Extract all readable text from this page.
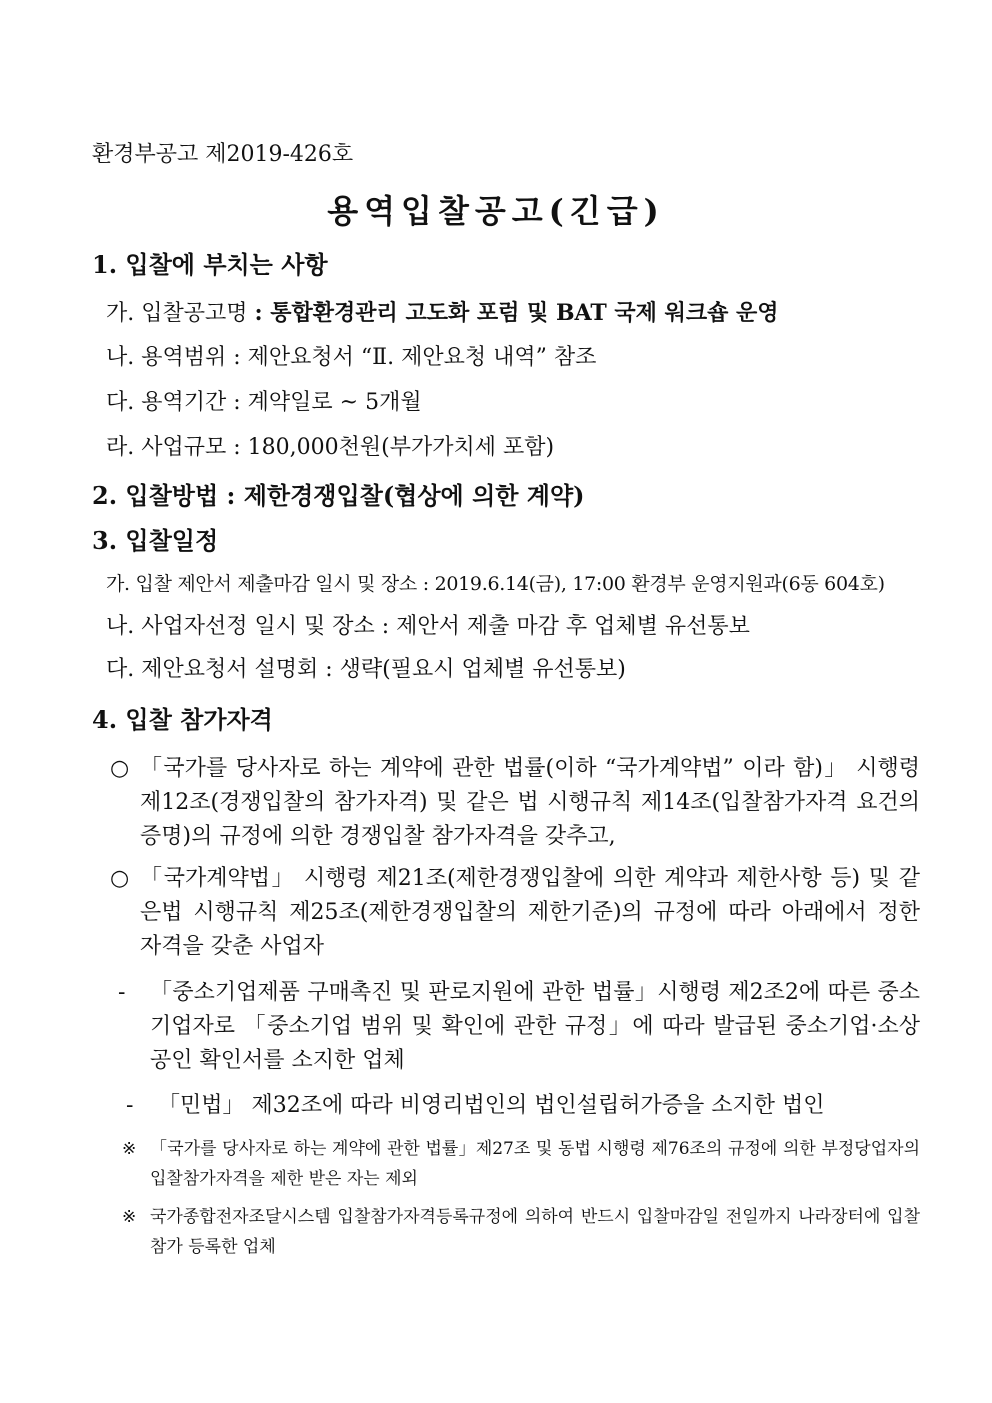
환경부공고 제2019-426호
용역입찰공고(긴급)
1. 입찰에 부치는 사항
가. 입찰공고명 : 통합환경관리 고도화 포럼 및 BAT 국제 워크숍 운영
나. 용역범위 : 제안요청서 “Ⅱ. 제안요청 내역” 참조
다. 용역기간 : 계약일로 ~ 5개월
라. 사업규모 : 180,000천원(부가가치세 포함)
2. 입찰방법 : 제한경쟁입찰(협상에 의한 계약)
3. 입찰일정
가. 입찰 제안서 제출마감 일시 및 장소 : 2019.6.14(금), 17:00 환경부 운영지원과(6동 604호)
나. 사업자선정 일시 및 장소 : 제안서 제출 마감 후 업체별 유선통보
다. 제안요청서 설명회 : 생략(필요시 업체별 유선통보)
4. 입찰 참가자격
○ 「국가를 당사자로 하는 계약에 관한 법률(이하 “국가계약법” 이라 함)」 시행령 제12조(경쟁입찰의 참가자격) 및 같은 법 시행규칙 제14조(입찰참가자격 요건의 증명)의 규정에 의한 경쟁입찰 참가자격을 갖추고,
○ 「국가계약법」 시행령 제21조(제한경쟁입찰에 의한 계약과 제한사항 등) 및 같은법 시행규칙 제25조(제한경쟁입찰의 제한기준)의 규정에 따라 아래에서 정한 자격을 갖춘 사업자
- 「중소기업제품 구매촉진 및 판로지원에 관한 법률」시행령 제2조2에 따른 중소기업자로 「중소기업 범위 및 확인에 관한 규정」에 따라 발급된 중소기업·소상공인 확인서를 소지한 업체
- 「민법」 제32조에 따라 비영리법인의 법인설립허가증을 소지한 법인
※ 「국가를 당사자로 하는 계약에 관한 법률」제27조 및 동법 시행령 제76조의 규정에 의한 부정당업자의 입찰참가자격을 제한 받은 자는 제외
※ 국가종합전자조달시스템 입찰참가자격등록규정에 의하여 반드시 입찰마감일 전일까지 나라장터에 입찰참가 등록한 업체
